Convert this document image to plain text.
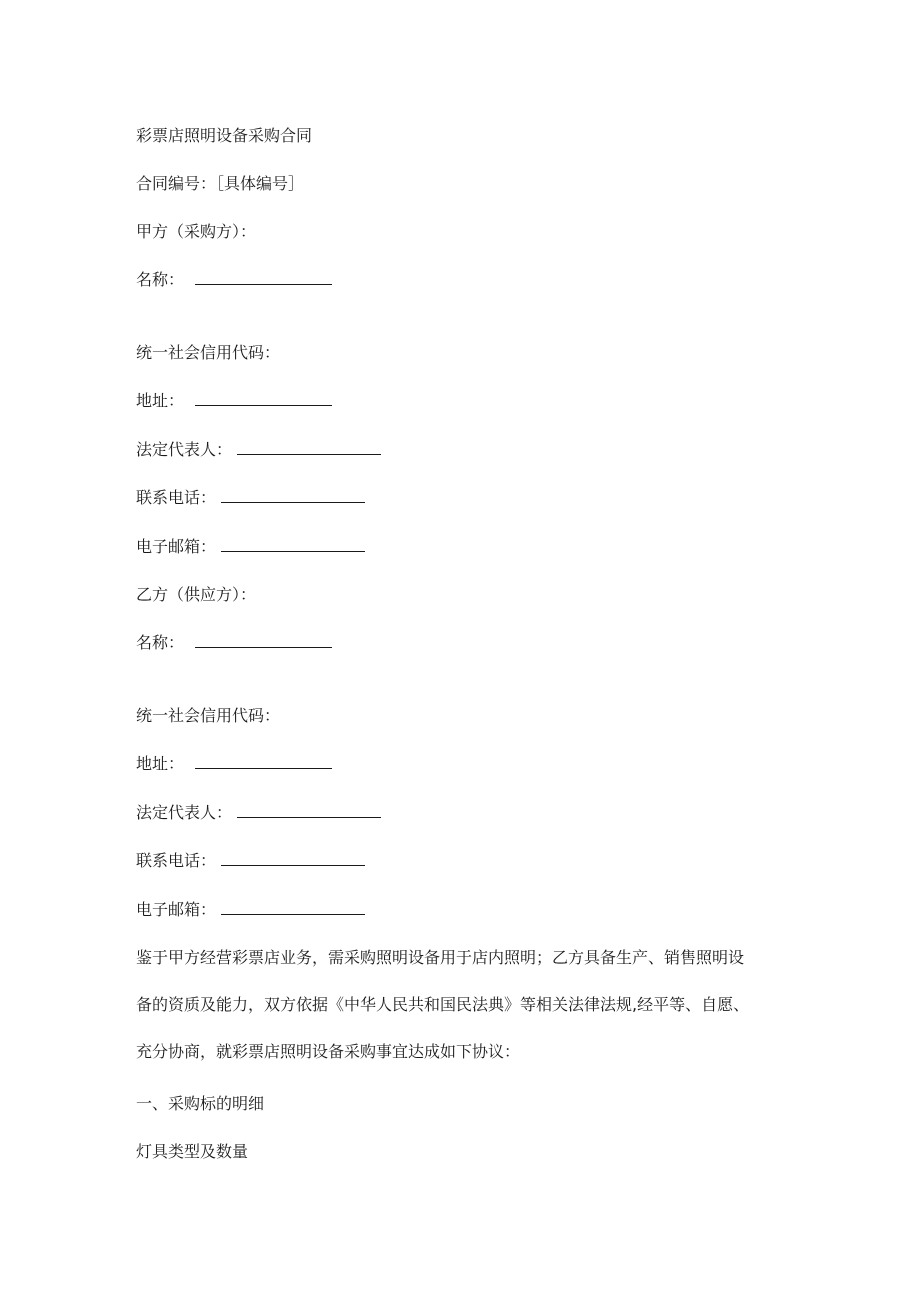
彩票店照明设备采购合同
合同编号：［具体编号］
甲方（采购方）：
名称：
统一社会信用代码：
地址：
法定代表人：
联系电话：
电子邮箱：
乙方（供应方）：
名称：
统一社会信用代码：
地址：
法定代表人：
联系电话：
电子邮箱：
鉴于甲方经营彩票店业务，需采购照明设备用于店内照明；乙方具备生产、销售照明设
备的资质及能力，双方依据《中华人民共和国民法典》等相关法律法规,经平等、自愿、
充分协商，就彩票店照明设备采购事宜达成如下协议：
一、采购标的明细
灯具类型及数量
